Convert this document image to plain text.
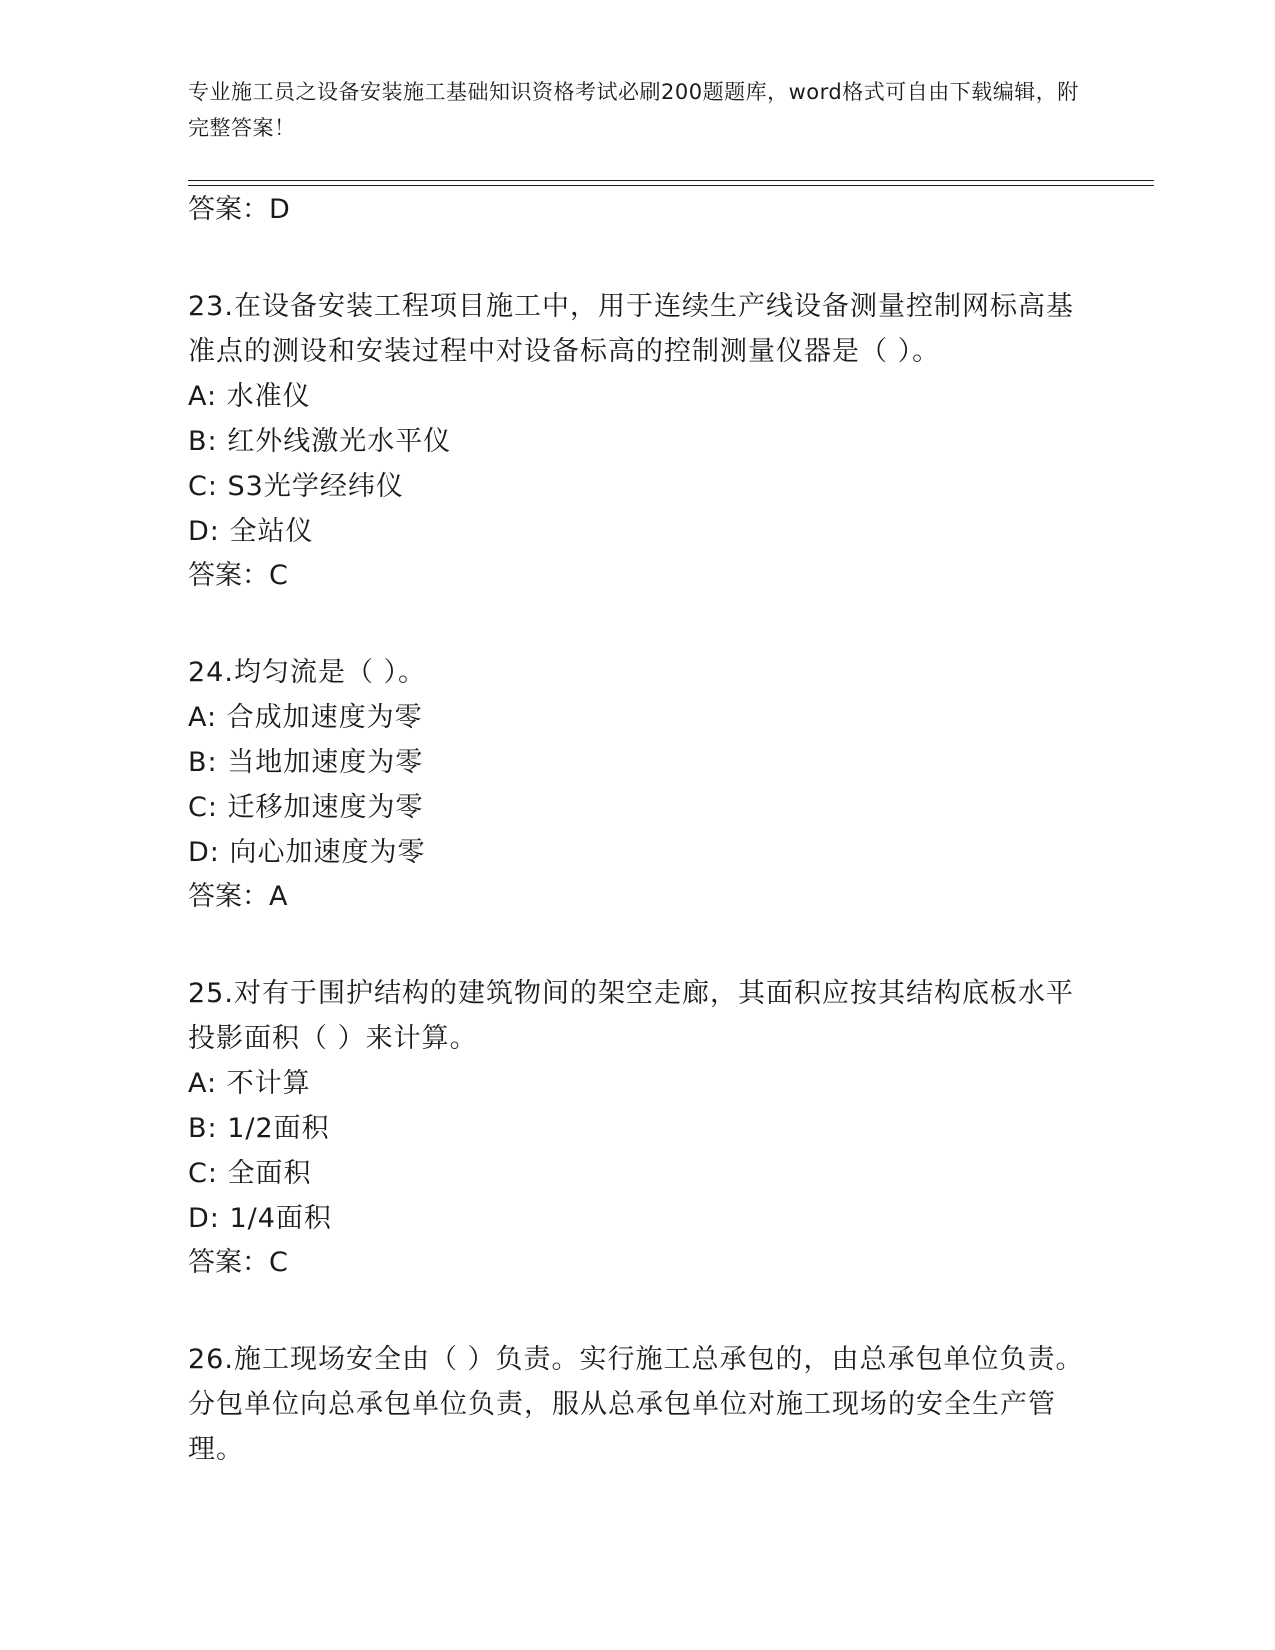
专业施工员之设备安装施工基础知识资格考试必刷200题题库，word格式可自由下载编辑，附完整答案！

答案：D

23.在设备安装工程项目施工中，用于连续生产线设备测量控制网标高基准点的测设和安装过程中对设备标高的控制测量仪器是（ ）。

A: 水准仪

B: 红外线激光水平仪

C: S3光学经纬仪

D: 全站仪

答案：C

24.均匀流是（ ）。

A: 合成加速度为零

B: 当地加速度为零

C: 迁移加速度为零

D: 向心加速度为零

答案：A

25.对有于围护结构的建筑物间的架空走廊，其面积应按其结构底板水平投影面积（ ）来计算。

A: 不计算

B: 1/2面积

C: 全面积

D: 1/4面积

答案：C

26.施工现场安全由（ ）负责。实行施工总承包的，由总承包单位负责。分包单位向总承包单位负责，服从总承包单位对施工现场的安全生产管理。
